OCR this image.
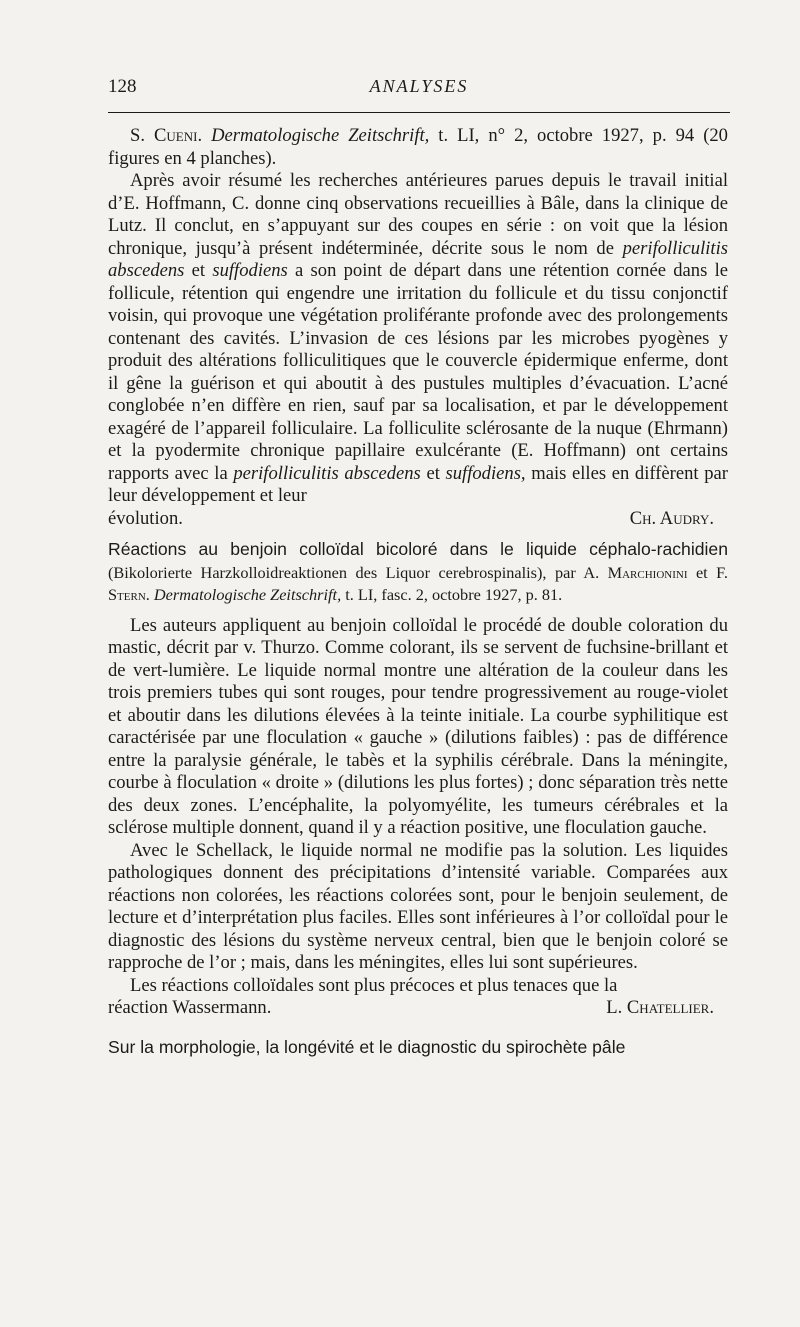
128	ANALYSES

S. Cueni. Dermatologische Zeitschrift, t. LI, n° 2, octobre 1927, p. 94 (20 figures en 4 planches).

Après avoir résumé les recherches antérieures parues depuis le travail initial d’E. Hoffmann, C. donne cinq observations recueillies à Bâle, dans la clinique de Lutz. Il conclut, en s’appuyant sur des coupes en série : on voit que la lésion chronique, jusqu’à présent indéterminée, décrite sous le nom de perifolliculitis abscedens et suffodiens a son point de départ dans une rétention cornée dans le follicule, rétention qui engendre une irritation du follicule et du tissu conjonctif voisin, qui provoque une végétation proliférante profonde avec des prolongements contenant des cavités. L’invasion de ces lésions par les microbes pyogènes y produit des altérations folliculitiques que le couvercle épidermique enferme, dont il gêne la guérison et qui aboutit à des pustules multiples d’évacuation. L’acné conglobée n’en diffère en rien, sauf par sa localisation, et par le développement exagéré de l’appareil folliculaire. La folliculite sclérosante de la nuque (Ehrmann) et la pyodermite chronique papillaire exulcérante (E. Hoffmann) ont certains rapports avec la perifolliculitis abscedens et suffodiens, mais elles en diffèrent par leur développement et leur

évolution.	Ch. Audry.

Réactions au benjoin colloïdal bicoloré dans le liquide céphalo-rachidien (Bikolorierte Harzkolloidreaktionen des Liquor cerebrospinalis), par A. Marchionini et F. Stern. Dermatologische Zeitschrift, t. LI, fasc. 2, octobre 1927, p. 81.

Les auteurs appliquent au benjoin colloïdal le procédé de double coloration du mastic, décrit par v. Thurzo. Comme colorant, ils se servent de fuchsine-brillant et de vert-lumière. Le liquide normal montre une altération de la couleur dans les trois premiers tubes qui sont rouges, pour tendre progressivement au rouge-violet et aboutir dans les dilutions élevées à la teinte initiale. La courbe syphilitique est caractérisée par une floculation « gauche » (dilutions faibles) : pas de différence entre la paralysie générale, le tabès et la syphilis cérébrale. Dans la méningite, courbe à floculation « droite » (dilutions les plus fortes) ; donc séparation très nette des deux zones. L’encéphalite, la polyomyélite, les tumeurs cérébrales et la sclérose multiple donnent, quand il y a réaction positive, une floculation gauche.

Avec le Schellack, le liquide normal ne modifie pas la solution. Les liquides pathologiques donnent des précipitations d’intensité variable. Comparées aux réactions non colorées, les réactions colorées sont, pour le benjoin seulement, de lecture et d’interprétation plus faciles. Elles sont inférieures à l’or colloïdal pour le diagnostic des lésions du système nerveux central, bien que le benjoin coloré se rapproche de l’or ; mais, dans les méningites, elles lui sont supérieures.

Les réactions colloïdales sont plus précoces et plus tenaces que la

réaction Wassermann.	L. Chatellier.

Sur la morphologie, la longévité et le diagnostic du spirochète pâle
